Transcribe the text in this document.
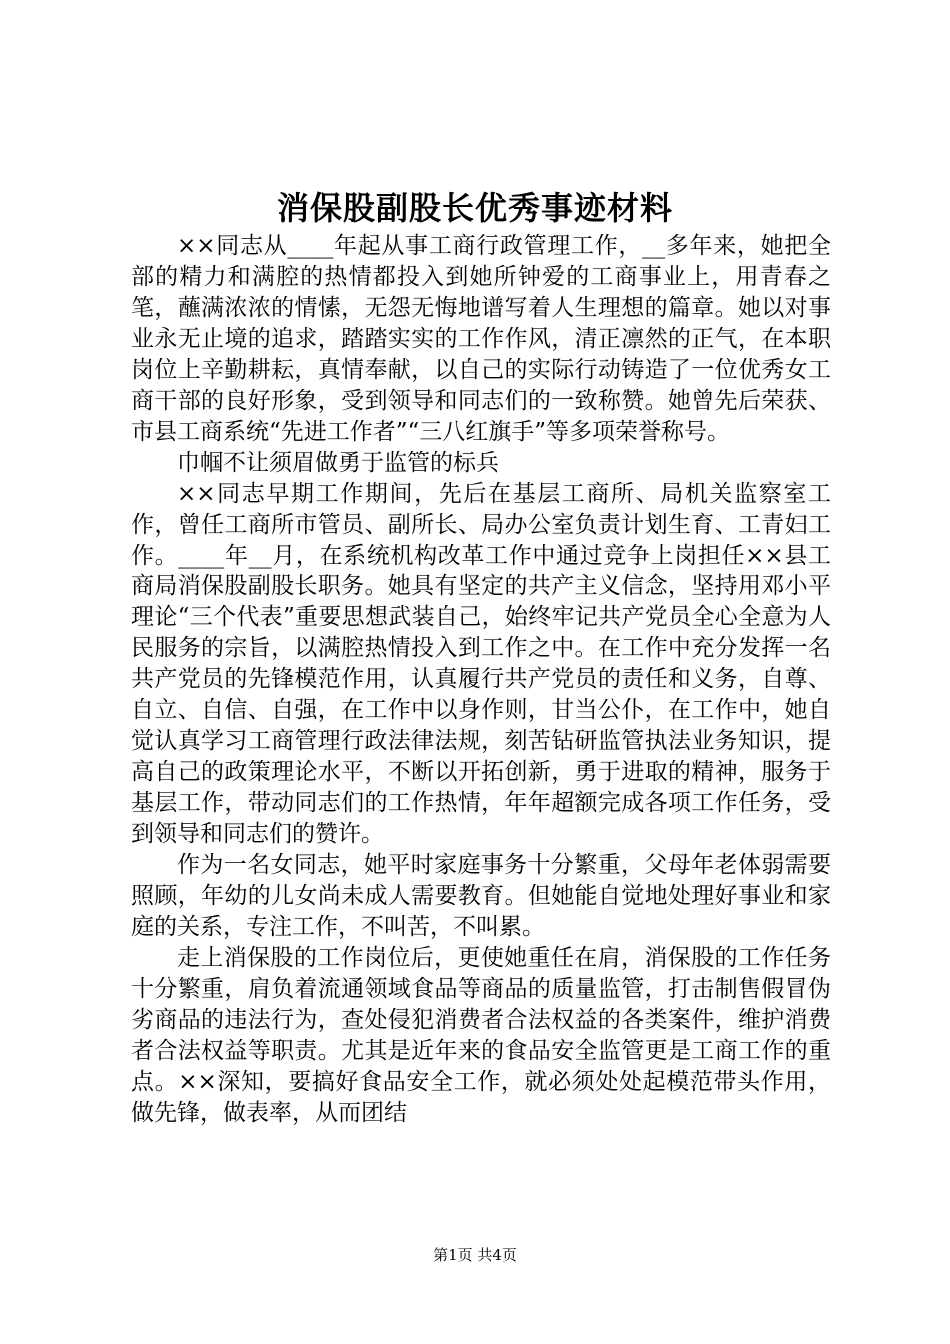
消保股副股长优秀事迹材料

××同志从____年起从事工商行政管理工作，__多年来，她把全部的精力和满腔的热情都投入到她所钟爱的工商事业上，用青春之笔，蘸满浓浓的情愫，无怨无悔地谱写着人生理想的篇章。她以对事业永无止境的追求，踏踏实实的工作作风，清正凛然的正气，在本职岗位上辛勤耕耘，真情奉献，以自己的实际行动铸造了一位优秀女工商干部的良好形象，受到领导和同志们的一致称赞。她曾先后荣获、市县工商系统“先进工作者”“三八红旗手”等多项荣誉称号。

巾帼不让须眉做勇于监管的标兵

××同志早期工作期间，先后在基层工商所、局机关监察室工作，曾任工商所市管员、副所长、局办公室负责计划生育、工青妇工作。____年__月，在系统机构改革工作中通过竞争上岗担任××县工商局消保股副股长职务。她具有坚定的共产主义信念，坚持用邓小平理论“三个代表”重要思想武装自己，始终牢记共产党员全心全意为人民服务的宗旨，以满腔热情投入到工作之中。在工作中充分发挥一名共产党员的先锋模范作用，认真履行共产党员的责任和义务，自尊、自立、自信、自强，在工作中以身作则，甘当公仆，在工作中，她自觉认真学习工商管理行政法律法规，刻苦钻研监管执法业务知识，提高自己的政策理论水平，不断以开拓创新，勇于进取的精神，服务于基层工作，带动同志们的工作热情，年年超额完成各项工作任务，受到领导和同志们的赞许。

作为一名女同志，她平时家庭事务十分繁重，父母年老体弱需要照顾，年幼的儿女尚未成人需要教育。但她能自觉地处理好事业和家庭的关系，专注工作，不叫苦，不叫累。

走上消保股的工作岗位后，更使她重任在肩，消保股的工作任务十分繁重，肩负着流通领域食品等商品的质量监管，打击制售假冒伪劣商品的违法行为，查处侵犯消费者合法权益的各类案件，维护消费者合法权益等职责。尤其是近年来的食品安全监管更是工商工作的重点。××深知，要搞好食品安全工作，就必须处处起模范带头作用，做先锋，做表率，从而团结

第1页 共4页
